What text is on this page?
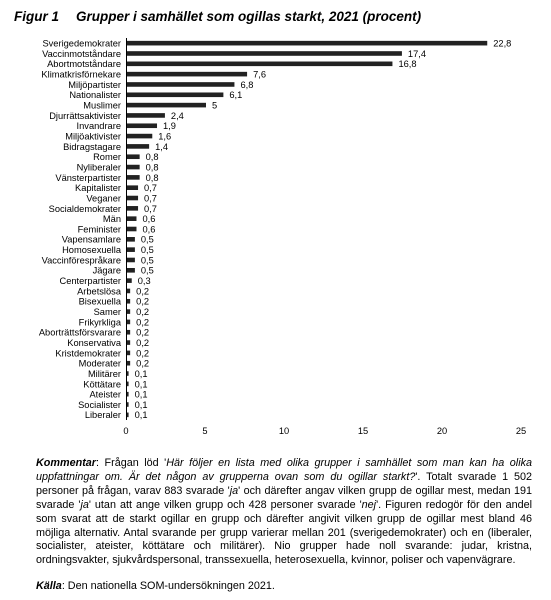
Figur 1 Grupper i samhället som ogillas starkt, 2021 (procent)
Sverigedemokrater	22,8
Vaccinmotståndare	17,4
Abortmotståndare	16,8
Klimatkrisförnekare	7,6
Miljöpartister	6,8
Nationalister	6,1
Muslimer	5
Djurrättsaktivister	2,4
Invandrare	1,9
Miljöaktivister	1,6
Bidragstagare	1,4
Romer	0,8
Nyliberaler	0,8
Vänsterpartister	0,8
Kapitalister 0,7
Veganer 0,7
Socialdemokrater 0,7
Män 0,6
Feminister 0,6
Vapensamlare 0,5
Homosexuella 0,5
Vaccinförespråkare 0,5
Jägare 0,5
Centerpartister 0,3
Arbetslösa 0,2
Bisexuella 0,2
Samer 0,2
Frikyrkliga 0,2
Aborträttsförsvarare 0,2
Konservativa 0,2
Kristdemokrater 0,2
Moderater 0,2
Militärer 0,1
Köttätare 0,1
Ateister 0,1
Socialister 0,1
Liberaler 0,1
0	5	10	15	20	25
Kommentar: Frågan löd 'Här följer en lista med olika grupper i samhället som man kan ha olika uppfattningar om. Är det någon av grupperna ovan som du ogillar starkt?'. Totalt svarade 1 502 personer på frågan, varav 883 svarade 'ja' och därefter angav vilken grupp de ogillar mest, medan 191 svarade 'ja' utan att ange vilken grupp och 428 personer svarade 'nej'. Figuren redogör för den andel som svarat att de starkt ogillar en grupp och därefter angivit vilken grupp de ogillar mest bland 46 möjliga alternativ. Antal svarande per grupp varierar mellan 201 (sverigedemokrater) och en (liberaler, socialister, ateister, köttätare och militärer). Nio grupper hade noll svarande: judar, kristna, ordningsvakter, sjukvårdspersonal, transsexuella, heterosexuella, kvinnor, poliser och vapenvägrare.
Källa: Den nationella SOM-undersökningen 2021.
